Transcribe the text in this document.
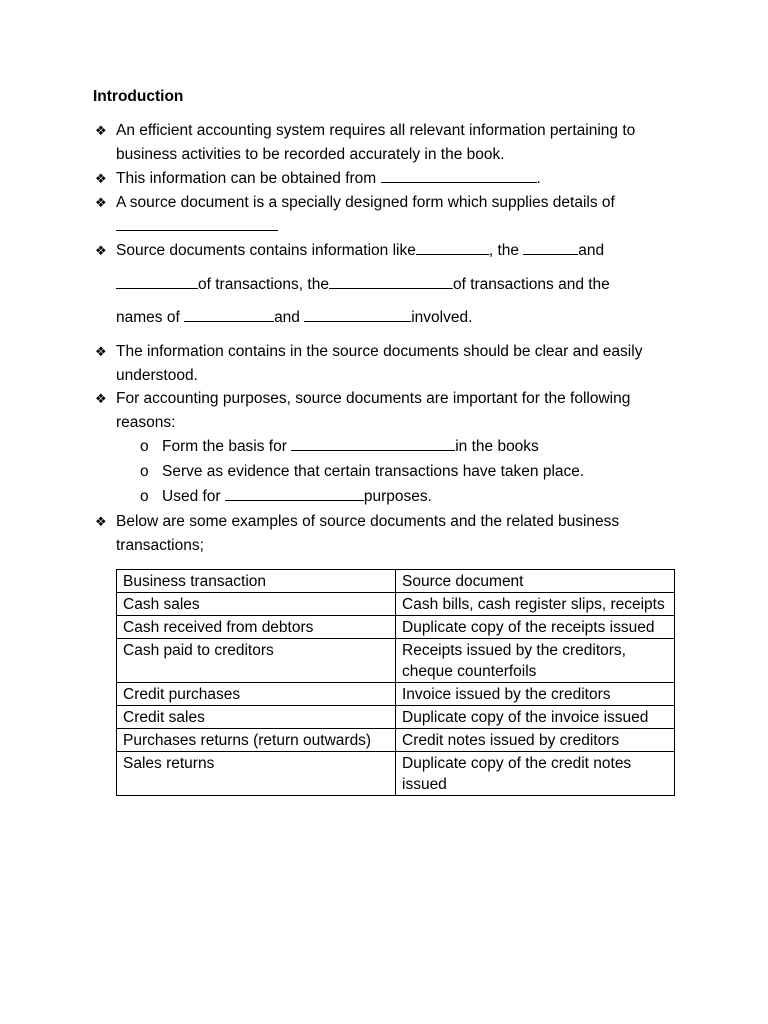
Introduction
❖ An efficient accounting system requires all relevant information pertaining to business activities to be recorded accurately in the book.
❖ This information can be obtained from	.
❖ A source document is a specially designed form which supplies details of

❖ Source documents contains information like	, the	and
of transactions, the	of transactions and the
names of	and	involved.
❖ The information contains in the source documents should be clear and easily understood.
❖ For accounting purposes, source documents are important for the following reasons:
o Form the basis for	in the books
o Serve as evidence that certain transactions have taken place.
o Used for	purposes.
❖ Below are some examples of source documents and the related business transactions;
Business transaction	Source document
Cash sales	Cash bills, cash register slips, receipts
Cash received from debtors	Duplicate copy of the receipts issued
Cash paid to creditors	Receipts issued by the creditors, cheque counterfoils
Credit purchases	Invoice issued by the creditors
Credit sales	Duplicate copy of the invoice issued
Purchases returns (return outwards)	Credit notes issued by creditors
Sales returns	Duplicate copy of the credit notes issued
